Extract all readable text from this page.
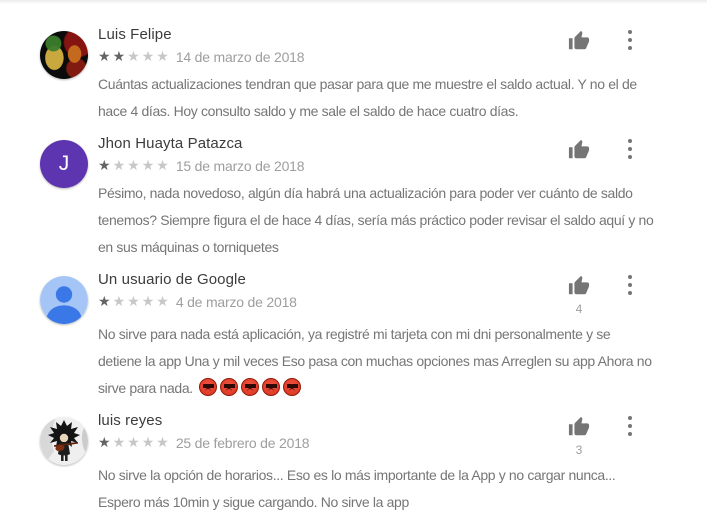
Luis Felipe
★ ★ ★ ★ ★ 14 de marzo de 2018

Cuántas actualizaciones tendran que pasar para que me muestre el saldo actual. Y no el de hace 4 días. Hoy consulto saldo y me sale el saldo de hace cuatro días.

J
Jhon Huayta Patazca
★ ★ ★ ★ ★ 15 de marzo de 2018

Pésimo, nada novedoso, algún día habrá una actualización para poder ver cuánto de saldo tenemos? Siempre figura el de hace 4 días, sería más práctico poder revisar el saldo aquí y no en sus máquinas o torniquetes

Un usuario de Google
★ ★ ★ ★ ★ 4 de marzo de 2018	4

No sirve para nada está aplicación, ya registré mi tarjeta con mi dni personalmente y se detiene la app Una y mil veces Eso pasa con muchas opciones mas Arreglen su app Ahora no sirve para nada.

luis reyes
★ ★ ★ ★ ★ 25 de febrero de 2018	3

No sirve la opción de horarios... Eso es lo más importante de la App y no cargar nunca... Espero más 10min y sigue cargando. No sirve la app
